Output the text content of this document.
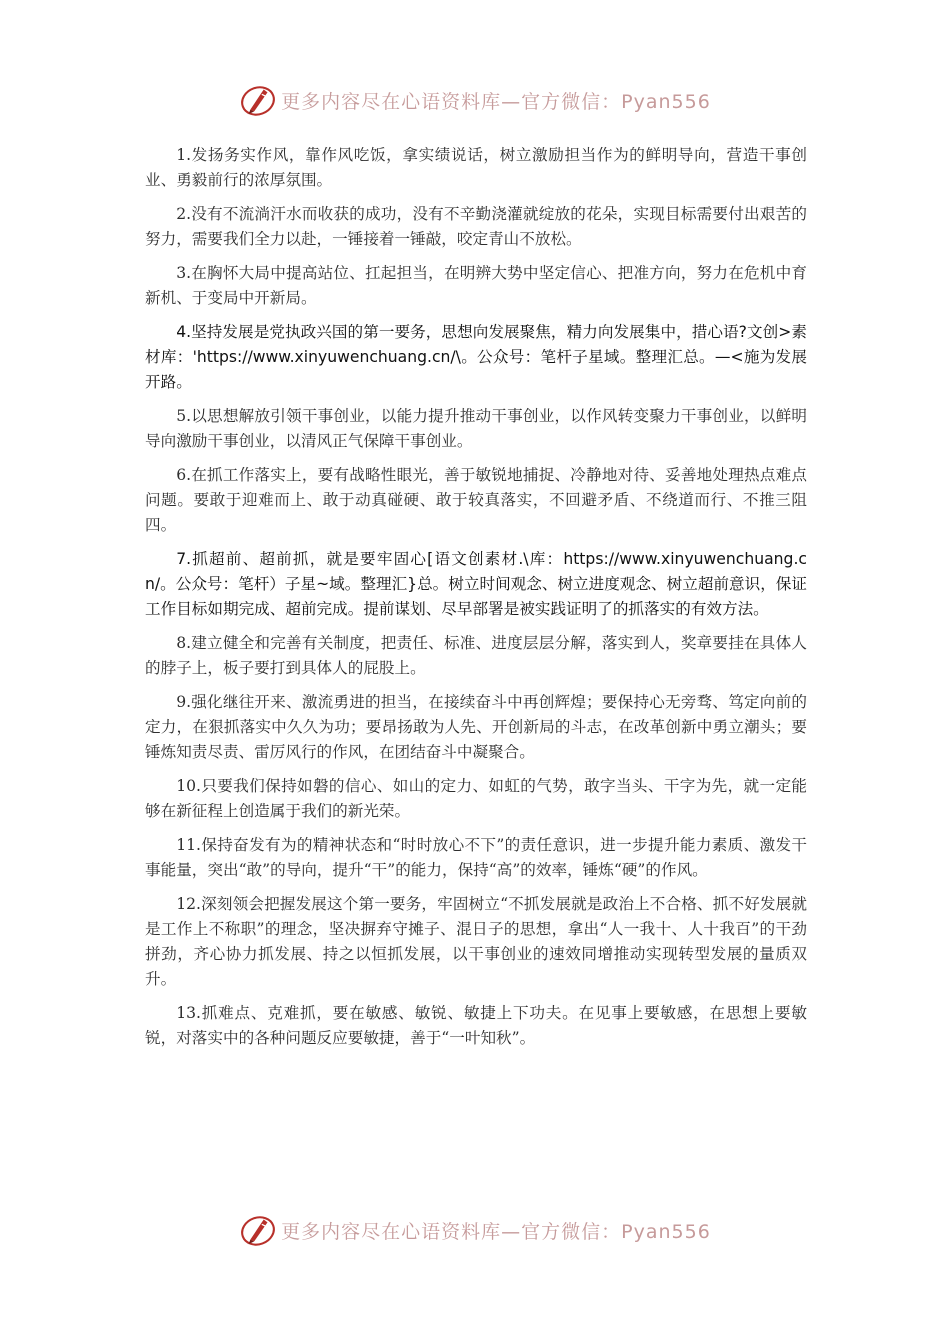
更多内容尽在心语资料库—官方微信：Pyan556

1.发扬务实作风，靠作风吃饭，拿实绩说话，树立激励担当作为的鲜明导向，营造干事创业、勇毅前行的浓厚氛围。

2.没有不流淌汗水而收获的成功，没有不辛勤浇灌就绽放的花朵，实现目标需要付出艰苦的努力，需要我们全力以赴，一锤接着一锤敲，咬定青山不放松。

3.在胸怀大局中提高站位、扛起担当，在明辨大势中坚定信心、把准方向，努力在危机中育新机、于变局中开新局。

4.坚持发展是党执政兴国的第一要务，思想向发展聚焦，精力向发展集中，措心语?文创>素材库：'https://www.xinyuwenchuang.cn/\。公众号：笔杆子星域。整理汇总。—<施为发展开路。

5.以思想解放引领干事创业，以能力提升推动干事创业，以作风转变聚力干事创业，以鲜明导向激励干事创业，以清风正气保障干事创业。

6.在抓工作落实上，要有战略性眼光，善于敏锐地捕捉、冷静地对待、妥善地处理热点难点问题。要敢于迎难而上、敢于动真碰硬、敢于较真落实，不回避矛盾、不绕道而行、不推三阻四。

7.抓超前、超前抓，就是要牢固心[语文创素材.\库：https://www.xinyuwenchuang.cn/。公众号：笔杆）子星~域。整理汇}总。树立时间观念、树立进度观念、树立超前意识，保证工作目标如期完成、超前完成。提前谋划、尽早部署是被实践证明了的抓落实的有效方法。

8.建立健全和完善有关制度，把责任、标准、进度层层分解，落实到人，奖章要挂在具体人的脖子上，板子要打到具体人的屁股上。

9.强化继往开来、激流勇进的担当，在接续奋斗中再创辉煌；要保持心无旁骛、笃定向前的定力，在狠抓落实中久久为功；要昂扬敢为人先、开创新局的斗志，在改革创新中勇立潮头；要锤炼知责尽责、雷厉风行的作风，在团结奋斗中凝聚合。

10.只要我们保持如磐的信心、如山的定力、如虹的气势，敢字当头、干字为先，就一定能够在新征程上创造属于我们的新光荣。

11.保持奋发有为的精神状态和“时时放心不下”的责任意识，进一步提升能力素质、激发干事能量，突出“敢”的导向，提升“干”的能力，保持“高”的效率，锤炼“硬”的作风。

12.深刻领会把握发展这个第一要务，牢固树立“不抓发展就是政治上不合格、抓不好发展就是工作上不称职”的理念，坚决摒弃守摊子、混日子的思想，拿出“人一我十、人十我百”的干劲拼劲，齐心协力抓发展、持之以恒抓发展，以干事创业的速效同增推动实现转型发展的量质双升。

13.抓难点、克难抓，要在敏感、敏锐、敏捷上下功夫。在见事上要敏感，在思想上要敏锐，对落实中的各种问题反应要敏捷，善于“一叶知秋”。

更多内容尽在心语资料库—官方微信：Pyan556
